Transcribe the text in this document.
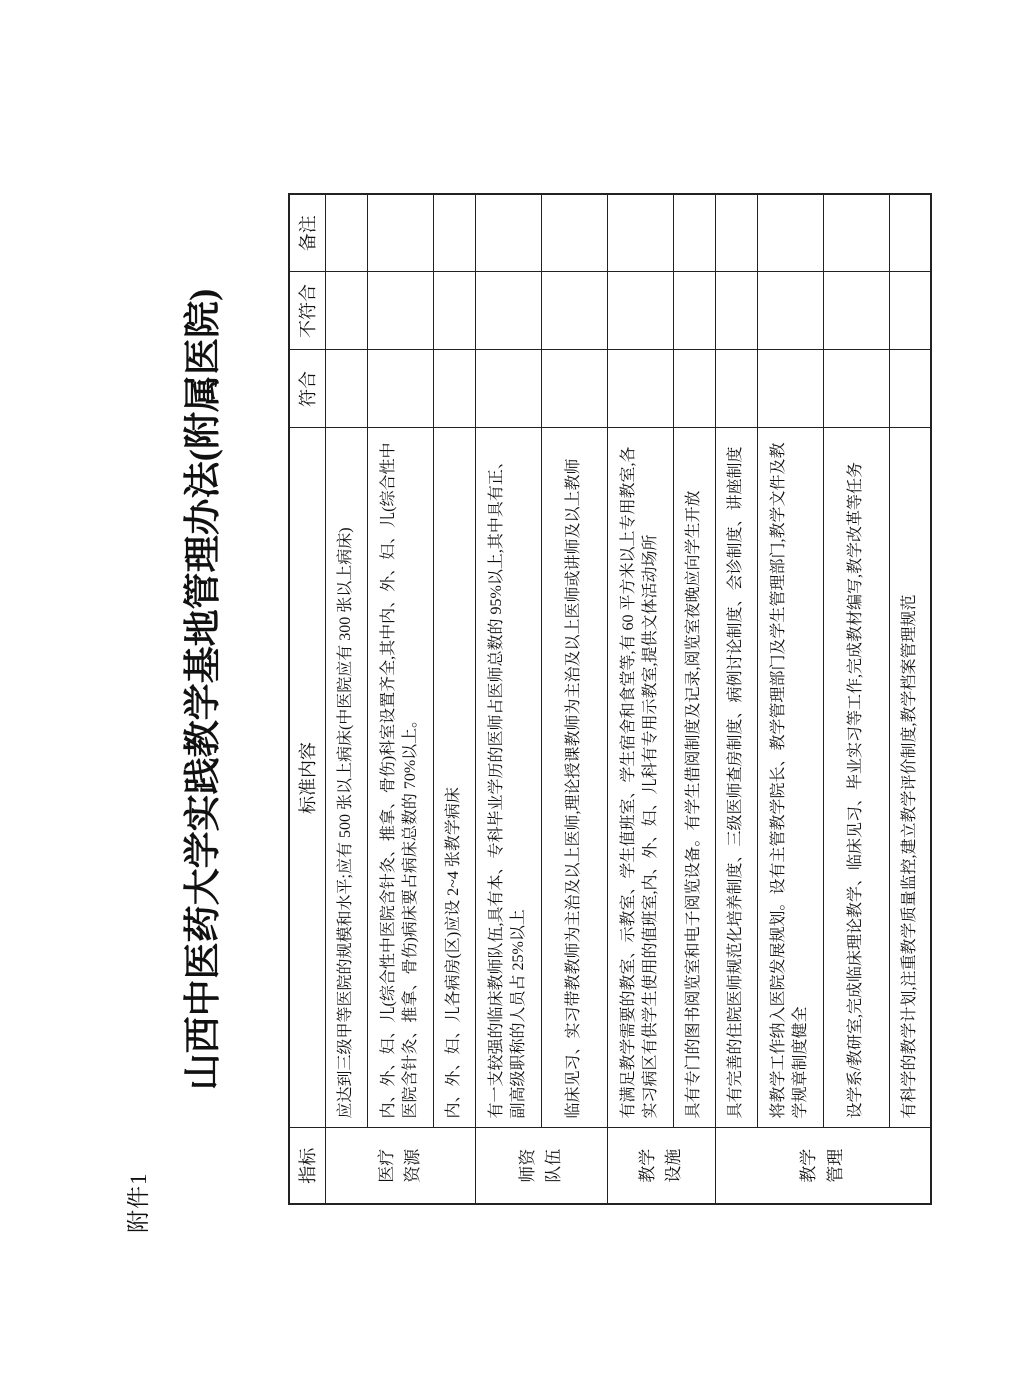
附件1
山西中医药大学实践教学基地管理办法(附属医院)
指标	标准内容	符合	不符合	备注

医疗资源	应达到三级甲等医院的规模和水平;应有 500 张以上病床(中医院应有 300 张以上病床)			
	内、外、妇、儿(综合性中医院含针灸、推拿、骨伤)科室设置齐全,其中内、外、妇、儿(综合性中医院含针灸、推拿、骨伤)病床要占病床总数的 70%以上。			
	内、外、妇、儿各病房(区)应设 2~4 张教学病床			

师资队伍	有一支较强的临床教师队伍,具有本、专科毕业学历的医师占医师总数的 95%以上,其中具有正、副高级职称的人员占 25%以上			
	临床见习、实习带教教师为主治及以上医师,理论授课教师为主治及以上医师或讲师及以上教师			

教学设施	有满足教学需要的教室、示教室、学生值班室、学生宿舍和食堂等,有 60 平方米以上专用教室,各实习病区有供学生使用的值班室,内、外、妇、儿科有专用示教室,提供文体活动场所			
	具有专门的图书阅览室和电子阅览设备。有学生借阅制度及记录,阅览室夜晚应向学生开放			

教学管理	具有完善的住院医师规范化培养制度、三级医师查房制度、病例讨论制度、会诊制度、讲座制度			
	将教学工作纳入医院发展规划。设有主管教学院长、教学管理部门及学生管理部门,教学文件及教学规章制度健全			
	设学系/教研室,完成临床理论教学、临床见习、毕业实习等工作,完成教材编写,教学改革等任务			
	有科学的教学计划,注重教学质量监控,建立教学评价制度,教学档案管理规范			
